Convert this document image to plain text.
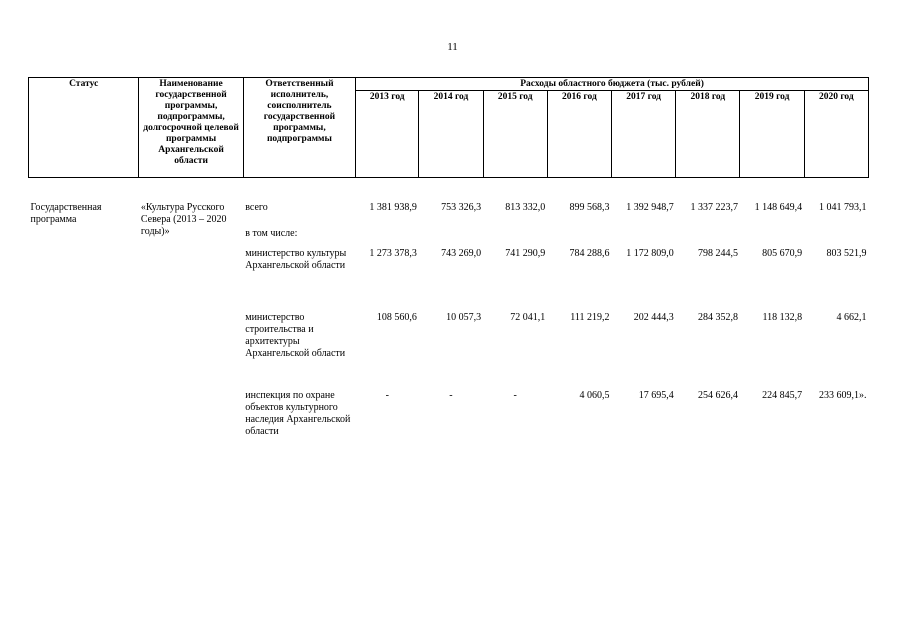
11
Статус	Наименование государственной программы, подпрограммы, долгосрочной целевой программы Архангельской области	Ответственный исполнитель, соисполнитель государственной программы, подпрограммы	Расходы областного бюджета (тыс. рублей)							
			2013 год	2014 год	2015 год	2016 год	2017 год	2018 год	2019 год	2020 год

Государственная программа	«Культура Русского Севера (2013 – 2020 годы)»	всего	1 381 938,9	753 326,3	813 332,0	899 568,3	1 392 948,7	1 337 223,7	1 148 649,4	1 041 793,1
		в том числе:								
		министерство культуры Архангельской области	1 273 378,3	743 269,0	741 290,9	784 288,6	1 172 809,0	798 244,5	805 670,9	803 521,9
		министерство строительства и архитектуры Архангельской области	108 560,6	10 057,3	72 041,1	111 219,2	202 444,3	284 352,8	118 132,8	4 662,1
		инспекция по охране объектов культурного наследия Архангельской области	-	-	-	4 060,5	17 695,4	254 626,4	224 845,7	233 609,1».
